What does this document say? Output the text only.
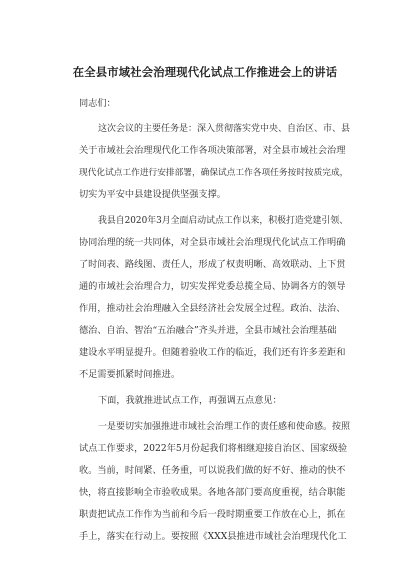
在全县市域社会治理现代化试点工作推进会上的讲话
同志们：
这次会议的主要任务是：深入贯彻落实党中央、自治区、市、县
关于市域社会治理现代化工作各项决策部署，对全县市域社会治理
现代化试点工作进行安排部署，确保试点工作各项任务按时按质完成，
切实为平安中县建设提供坚强支撑。
我县自2020年3月全面启动试点工作以来，积极打造党建引领、
协同治理的统一共同体，对全县市域社会治理现代化试点工作明确
了时间表、路线图、责任人，形成了权责明晰、高效联动、上下贯
通的市域社会治理合力，切实发挥党委总揽全局、协调各方的领导
作用，推动社会治理融入全县经济社会发展全过程。政治、法治、
德治、自治、智治“五治融合”齐头并进，全县市域社会治理基础
建设水平明显提升。但随着验收工作的临近，我们还有许多差距和
不足需要抓紧时间推进。
下面，我就推进试点工作，再强调五点意见：
一是要切实加强推进市域社会治理工作的责任感和使命感。按照
试点工作要求，2022年5月份起我们将相继迎接自治区、国家级验
收。当前，时间紧、任务重，可以说我们做的好不好、推动的快不
快，将直接影响全市验收成果。各地各部门要高度重视，结合职能
职责把试点工作作为当前和今后一段时期重要工作放在心上，抓在
手上，落实在行动上。要按照《XXX县推进市域社会治理现代化工
